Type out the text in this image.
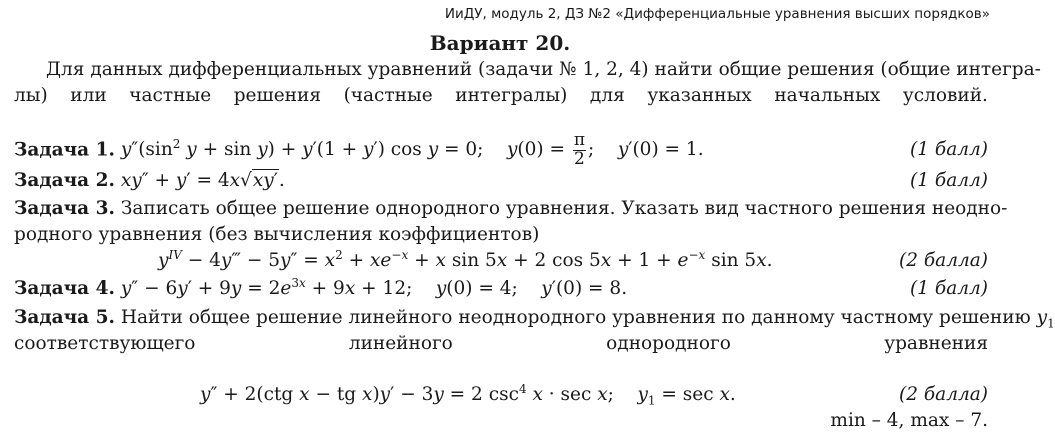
ИиДУ, модуль 2, ДЗ №2 «Дифференциальные уравнения высших порядков»
Вариант 20.
Для данных дифференциальных уравнений (задачи № 1, 2, 4) найти общие решения (общие интегра-
лы) или частные решения (частные интегралы) для указанных начальных условий.
Задача 1. $y''(\sin^2$ y + sin y) + y′(1 + y′) cos y = 0;    $y(0) = \frac{\pi}{2}$ ;    y′(0) = 1.	(1 балл)
Задача 2. xy″ + y′ = 4x√xy′.	(1 балл)
Задача 3. Записать общее решение однородного уравнения. Указать вид частного решения неодно-
родного уравнения (без вычисления коэффициентов)
$y^{IV}$ − 4y‴ − $5y'' = x^2 + xe^{-x} + x$ sin 5x + 2 $\cos 5x + 1 + e^{-x}$ sin 5x.	(2 балла)
Задача 4. $y'' - 6y' + 9y = 2e^{3x} + 9x + 12$;    y(0) = 4;    y′(0) = 8.	(1 балл)
Задача 5. Найти общее решение линейного неоднородного уравнения по данному частному решению $y_1$
соответствующего	линейного	однородного	уравнения
y″ + 2(ctg x − tg x)y′ − 3y = 2 $\csc^4 x \cdot \sec x$;    $y_1 = \sec x$.	(2 балла)
min – 4, max – 7.
